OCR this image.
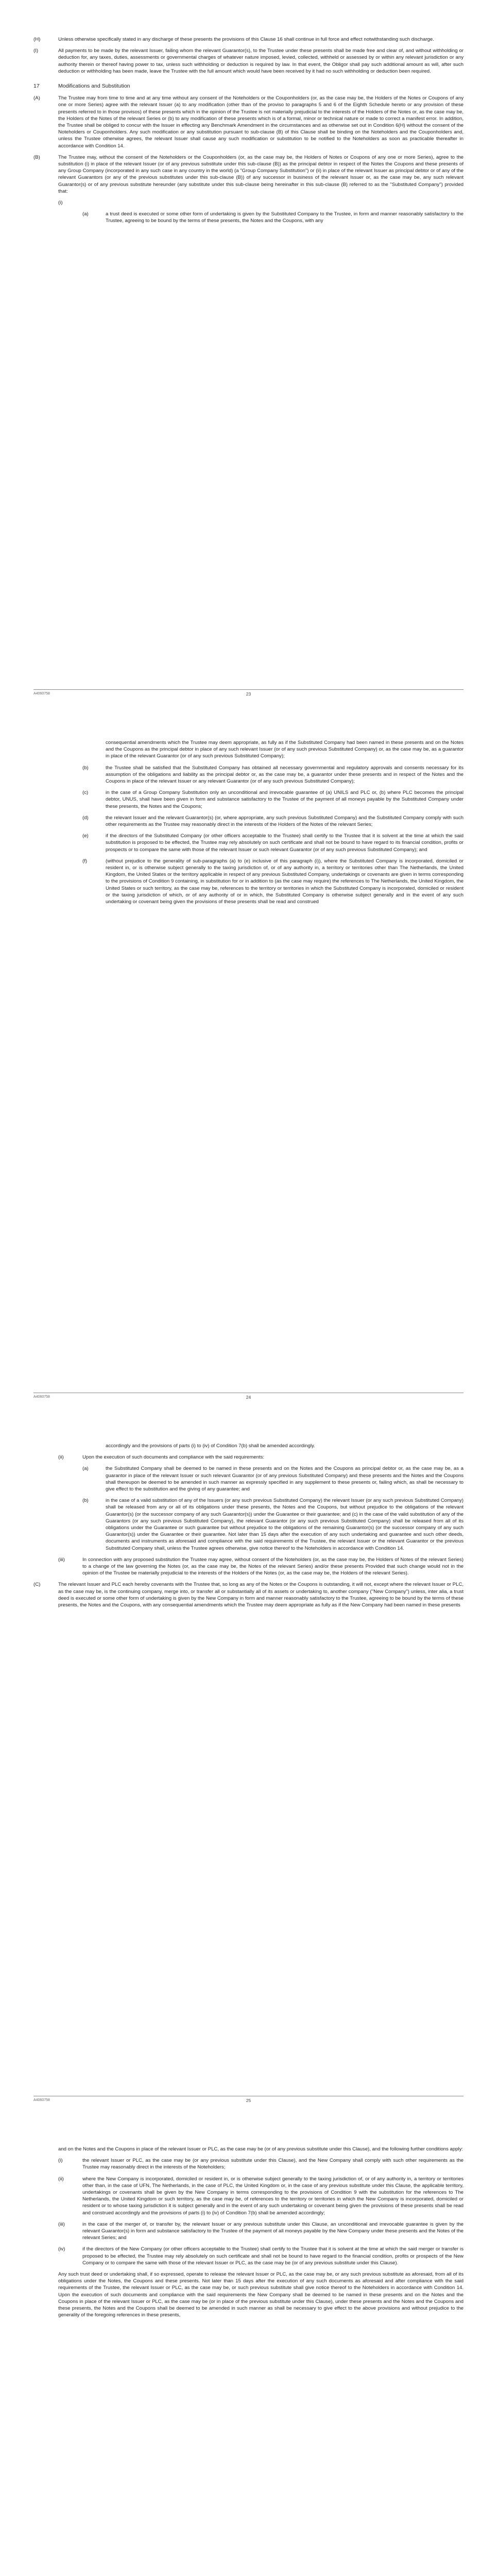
(H)	Unless otherwise specifically stated in any discharge of these presents the provisions of this Clause 16 shall continue in full force and effect notwithstanding such discharge.
(I)	All payments to be made by the relevant Issuer, failing whom the relevant Guarantor(s), to the Trustee under these presents shall be made free and clear of, and without withholding or deduction for, any taxes, duties, assessments or governmental charges of whatever nature imposed, levied, collected, withheld or assessed by or within any relevant jurisdiction or any authority therein or thereof having power to tax, unless such withholding or deduction is required by law. In that event, the Obligor shall pay such additional amount as will, after such deduction or withholding has been made, leave the Trustee with the full amount which would have been received by it had no such withholding or deduction been required.
17	Modifications and Substitution
(A)	The Trustee may from time to time and at any time without any consent of the Noteholders or the Couponholders (or, as the case may be, the Holders of the Notes or Coupons of any one or more Series) agree with the relevant Issuer (a) to any modification (other than of the proviso to paragraphs 5 and 6 of the Eighth Schedule hereto or any provision of these presents referred to in those provisos) of these presents which in the opinion of the Trustee is not materially prejudicial to the interests of the Holders of the Notes or, as the case may be, the Holders of the Notes of the relevant Series or (b) to any modification of these presents which is of a formal, minor or technical nature or made to correct a manifest error. In addition, the Trustee shall be obliged to concur with the Issuer in effecting any Benchmark Amendment in the circumstances and as otherwise set out in Condition 6(H) without the consent of the Noteholders or Couponholders. Any such modification or any substitution pursuant to sub-clause (B) of this Clause shall be binding on the Noteholders and the Couponholders and, unless the Trustee otherwise agrees, the relevant Issuer shall cause any such modification or substitution to be notified to the Noteholders as soon as practicable thereafter in accordance with Condition 14.
(B)	The Trustee may, without the consent of the Noteholders or the Couponholders (or, as the case may be, the Holders of Notes or Coupons of any one or more Series), agree to the substitution (i) in place of the relevant Issuer (or of any previous substitute under this sub-clause (B)) as the principal debtor in respect of the Notes the Coupons and these presents of any Group Company (incorporated in any such case in any country in the world) (a "Group Company Substitution") or (ii) in place of the relevant Issuer as principal debtor or of any of the relevant Guarantors (or any of the previous substitutes under this sub-clause (B)) of any successor in business of the relevant Issuer or, as the case may be, any such relevant Guarantor(s) or of any previous substitute hereunder (any substitute under this sub-clause being hereinafter in this sub-clause (B) referred to as the "Substituted Company") provided that:
(i)
(a)	a trust deed is executed or some other form of undertaking is given by the Substituted Company to the Trustee, in form and manner reasonably satisfactory to the Trustee, agreeing to be bound by the terms of these presents, the Notes and the Coupons, with any
A4060758	23
consequential amendments which the Trustee may deem appropriate, as fully as if the Substituted Company had been named in these presents and on the Notes and the Coupons as the principal debtor in place of any such relevant Issuer (or of any such previous Substituted Company) or, as the case may be, as a guarantor in place of the relevant Guarantor (or of any such previous Substituted Company);
(b)	the Trustee shall be satisfied that the Substituted Company has obtained all necessary governmental and regulatory approvals and consents necessary for its assumption of the obligations and liability as the principal debtor or, as the case may be, a guarantor under these presents and in respect of the Notes and the Coupons in place of the relevant Issuer or any relevant Guarantor (or of any such previous Substituted Company);
(c)	in the case of a Group Company Substitution only an unconditional and irrevocable guarantee of (a) UNILS and PLC or, (b) where PLC becomes the principal debtor, UNUS, shall have been given in form and substance satisfactory to the Trustee of the payment of all moneys payable by the Substituted Company under these presents, the Notes and the Coupons;
(d)	the relevant Issuer and the relevant Guarantor(s) (or, where appropriate, any such previous Substituted Company) and the Substituted Company comply with such other requirements as the Trustee may reasonably direct in the interests of the Holders of the Notes of the relevant Series;
(e)	if the directors of the Substituted Company (or other officers acceptable to the Trustee) shall certify to the Trustee that it is solvent at the time at which the said substitution is proposed to be effected, the Trustee may rely absolutely on such certificate and shall not be bound to have regard to its financial condition, profits or prospects or to compare the same with those of the relevant Issuer or such relevant Guarantor (or of any such previous Substituted Company); and
(f)	(without prejudice to the generality of sub-paragraphs (a) to (e) inclusive of this paragraph (i)), where the Substituted Company is incorporated, domiciled or resident in, or is otherwise subject generally to the taxing jurisdiction of, or of any authority in, a territory or territories other than The Netherlands, the United Kingdom, the United States or the territory applicable in respect of any previous Substituted Company, undertakings or covenants are given in terms corresponding to the provisions of Condition 9 containing, in substitution for or in addition to (as the case may require) the references to The Netherlands, the United Kingdom, the United States or such territory, as the case may be, references to the territory or territories in which the Substituted Company is incorporated, domiciled or resident or the taxing jurisdiction of which, or of any authority of or in which, the Substituted Company is otherwise subject generally and in the event of any such undertaking or covenant being given the provisions of these presents shall be read and construed
A4060758	24
accordingly and the provisions of parts (i) to (iv) of Condition 7(b) shall be amended accordingly.
(ii)	Upon the execution of such documents and compliance with the said requirements:
(a)	the Substituted Company shall be deemed to be named in these presents and on the Notes and the Coupons as principal debtor or, as the case may be, as a guarantor in place of the relevant Issuer or such relevant Guarantor (or of any previous Substituted Company) and these presents and the Notes and the Coupons shall thereupon be deemed to be amended in such manner as expressly specified in any supplement to these presents or, failing which, as shall be necessary to give effect to the substitution and the giving of any guarantee; and
(b)	in the case of a valid substitution of any of the Issuers (or any such previous Substituted Company) the relevant Issuer (or any such previous Substituted Company) shall be released from any or all of its obligations under these presents, the Notes and the Coupons, but without prejudice to the obligations of the relevant Guarantor(s) (or the successor company of any such Guarantor(s)) under the Guarantee or their guarantee; and (c) in the case of the valid substitution of any of the Guarantors (or any such previous Substituted Company), the relevant Guarantor (or any such previous Substituted Company) shall be released from all of its obligations under the Guarantee or such guarantee but without prejudice to the obligations of the remaining Guarantor(s) (or the successor company of any such Guarantor(s)) under the Guarantee or their guarantee. Not later than 15 days after the execution of any such undertaking and guarantee and such other deeds, documents and instruments as aforesaid and compliance with the said requirements of the Trustee, the relevant Issuer or the relevant Guarantor or the previous Substituted Company shall, unless the Trustee agrees otherwise, give notice thereof to the Noteholders in accordance with Condition 14.
(iii)	In connection with any proposed substitution the Trustee may agree, without consent of the Noteholders (or, as the case may be, the Holders of Notes of the relevant Series) to a change of the law governing the Notes (or, as the case may be, the Notes of the relevant Series) and/or these presents Provided that such change would not in the opinion of the Trustee be materially prejudicial to the interests of the Holders of the Notes (or, as the case may be, the Holders of the relevant Series).
(C)	The relevant Issuer and PLC each hereby covenants with the Trustee that, so long as any of the Notes or the Coupons is outstanding, it will not, except where the relevant Issuer or PLC, as the case may be, is the continuing company, merge into, or transfer all or substantially all of its assets or undertaking to, another company ("New Company") unless, inter alia, a trust deed is executed or some other form of undertaking is given by the New Company in form and manner reasonably satisfactory to the Trustee, agreeing to be bound by the terms of these presents, the Notes and the Coupons, with any consequential amendments which the Trustee may deem appropriate as fully as if the New Company had been named in these presents
A4060758	25
and on the Notes and the Coupons in place of the relevant Issuer or PLC, as the case may be (or of any previous substitute under this Clause), and the following further conditions apply:
(i)	the relevant Issuer or PLC, as the case may be (or any previous substitute under this Clause), and the New Company shall comply with such other requirements as the Trustee may reasonably direct in the interests of the Noteholders;
(ii)	where the New Company is incorporated, domiciled or resident in, or is otherwise subject generally to the taxing jurisdiction of, or of any authority in, a territory or territories other than, in the case of UFN, The Netherlands, in the case of PLC, the United Kingdom or, in the case of any previous substitute under this Clause, the applicable territory, undertakings or covenants shall be given by the New Company in terms corresponding to the provisions of Condition 9 with the substitution for the references to The Netherlands, the United Kingdom or such territory, as the case may be, of references to the territory or territories in which the New Company is incorporated, domiciled or resident or to whose taxing jurisdiction it is subject generally and in the event of any such undertaking or covenant being given the provisions of these presents shall be read and construed accordingly and the provisions of parts (i) to (iv) of Condition 7(b) shall be amended accordingly;
(iii)	in the case of the merger of, or transfer by, the relevant Issuer or any previous substitute under this Clause, an unconditional and irrevocable guarantee is given by the relevant Guarantor(s) in form and substance satisfactory to the Trustee of the payment of all moneys payable by the New Company under these presents and the Notes of the relevant Series; and
(iv)	if the directors of the New Company (or other officers acceptable to the Trustee) shall certify to the Trustee that it is solvent at the time at which the said merger or transfer is proposed to be effected, the Trustee may rely absolutely on such certificate and shall not be bound to have regard to the financial condition, profits or prospects of the New Company or to compare the same with those of the relevant Issuer or PLC, as the case may be (or of any previous substitute under this Clause).
Any such trust deed or undertaking shall, if so expressed, operate to release the relevant Issuer or PLC, as the case may be, or any such previous substitute as aforesaid, from all of its obligations under the Notes, the Coupons and these presents. Not later than 15 days after the execution of any such documents as aforesaid and after compliance with the said requirements of the Trustee, the relevant Issuer or PLC, as the case may be, or such previous substitute shall give notice thereof to the Noteholders in accordance with Condition 14. Upon the execution of such documents and compliance with the said requirements the New Company shall be deemed to be named in these presents and on the Notes and the Coupons in place of the relevant Issuer or PLC, as the case may be (or in place of the previous substitute under this Clause), under these presents and the Notes and the Coupons and these presents, the Notes and the Coupons shall be deemed to be amended in such manner as shall be necessary to give effect to the above provisions and without prejudice to the generality of the foregoing references in these presents,
